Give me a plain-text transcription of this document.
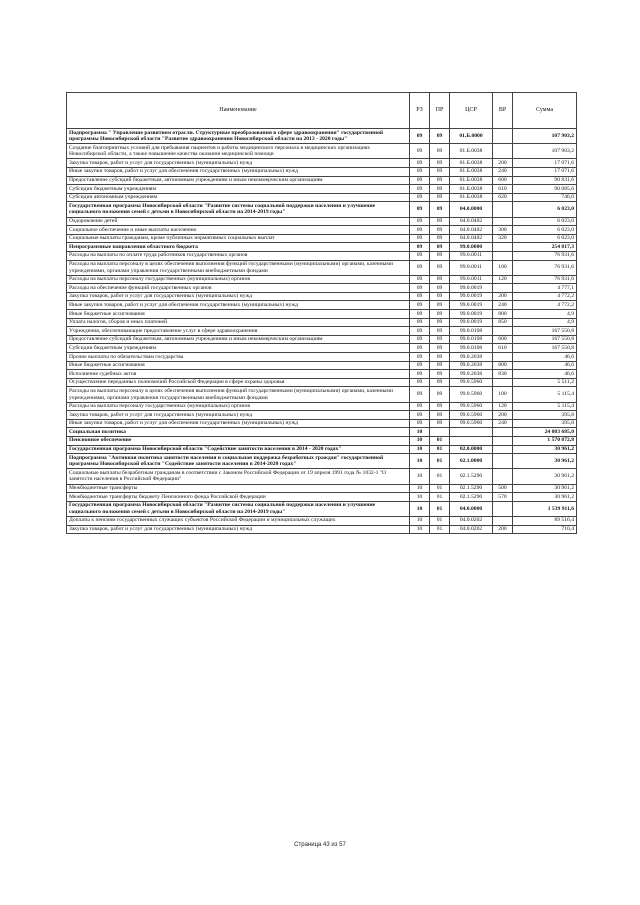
Наименование	РЗ	ПР	ЦСР	ВР	Сумма
Подпрограмма " Управление развитием отрасли. Структурные преобразования в сфере здравоохранения" государственной программы Новосибирской области "Развитие здравоохранения Новосибирской области на 2013 - 2020 годы"	09	09	01.Б.0000		107 903,2
Создание благоприятных условий для пребывания пациентов и работы медицинского персонала в медицинских организациях Новосибирской области, а также повышение качества оказания медицинской помощи	09	09	01.Б.0038		107 903,2
Закупка товаров, работ и услуг для государственных (муниципальных) нужд	09	09	01.Б.0038	200	17 071,6
Иные закупки товаров, работ и услуг для обеспечения государственных (муниципальных) нужд	09	09	01.Б.0038	240	17 071,6
Предоставление субсидий бюджетным, автономным учреждениям и иным некоммерческим организациям	09	09	01.Б.0038	600	90 831,6
Субсидии бюджетным учреждениям	09	09	01.Б.0038	610	90 085,6
Субсидии автономным учреждениям	09	09	01.Б.0038	620	746,0
Государственная программа Новосибирской области "Развитие системы социальной поддержки населения и улучшение социального положения семей с детьми в Новосибирской области на 2014-2019 годы"	09	09	04.0.0000		6 023,0
Оздоровление детей	09	09	04.0.0402		6 023,0
Социальное обеспечение и иные выплаты населению	09	09	04.0.0402	300	6 023,0
Социальные выплаты гражданам, кроме публичных нормативных социальных выплат	09	09	04.0.0402	320	6 023,0
Непрограммные направления областного бюджета	09	09	99.0.0000		254 817,3
Расходы на выплаты по оплате труда работников государственных органов	09	09	99.0.0011		76 931,6
Расходы на выплаты персоналу в целях обеспечения выполнения функций государственными (муниципальными) органами, казенными учреждениями, органами управления государственными внебюджетными фондами	09	09	99.0.0011	100	76 931,6
Расходы на выплаты персоналу государственных (муниципальных) органов	09	09	99.0.0011	120	76 931,6
Расходы на обеспечение функций государственных органов	09	09	99.0.0019		4 777,1
Закупка товаров, работ и услуг для государственных (муниципальных) нужд	09	09	99.0.0019	200	4 772,2
Иные закупки товаров, работ и услуг для обеспечения государственных (муниципальных) нужд	09	09	99.0.0019	240	4 772,2
Иные бюджетные ассигнования	09	09	99.0.0019	800	4,9
Уплата налогов, сборов и иных платежей	09	09	99.0.0019	850	4,9
Учреждения, обеспечивающие предоставление услуг в сфере здравоохранения	09	09	99.0.0108		167 550,8
Предоставление субсидий бюджетным, автономным учреждениям и иным некоммерческим организациям	09	09	99.0.0108	600	167 550,8
Субсидии бюджетным учреждениям	09	09	99.0.0108	610	167 550,8
Прочие выплаты по обязательствам государства	09	09	99.0.2038		46,6
Иные бюджетные ассигнования	09	09	99.0.2038	800	46,6
Исполнение судебных актов	09	09	99.0.2038	830	46,6
Осуществление переданных полномочий Российской Федерации в сфере охраны здоровья	09	09	99.0.5960		5 511,2
Расходы на выплаты персоналу в целях обеспечения выполнения функций государственными (муниципальными) органами, казенными учреждениями, органами управления государственными внебюджетными фондами	09	09	99.0.5960	100	5 115,4
Расходы на выплаты персоналу государственных (муниципальных) органов	09	09	99.0.5960	120	5 115,4
Закупка товаров, работ и услуг для государственных (муниципальных) нужд	09	09	99.0.5960	200	395,8
Иные закупки товаров, работ и услуг для обеспечения государственных (муниципальных) нужд	09	09	99.0.5960	240	395,8
Социальная политика	10				24 083 685,0
Пенсионное обеспечение	10	01			1 570 872,8
Государственная программа Новосибирской области "Содействие занятости населения в 2014 - 2020 годах"	10	01	02.0.0000		30 961,2
Подпрограмма "Активная политика занятости населения и социальная поддержка безработных граждан" государственной программы Новосибирской области "Содействие занятости населения в 2014-2020 годах"	10	01	02.1.0000		30 961,2
Социальные выплаты безработным гражданам в соответствии с Законом Российской Федерации от 19 апреля 1991 года № 1032-1 "О занятости населения в Российской Федерации"	10	01	02.1.5290		30 961,2
Межбюджетные трансферты	10	01	02.1.5290	500	30 961,2
Межбюджетные трансферты бюджету Пенсионного фонда Российской Федерации	10	01	02.1.5290	570	30 961,2
Государственная программа Новосибирской области "Развитие системы социальной поддержки населения и улучшение социального положения семей с детьми в Новосибирской области на 2014-2019 годы"	10	01	04.0.0000		1 539 911,6
Доплаты к пенсиям государственных служащих субъектов Российской Федерации и муниципальных служащих	10	01	04.0.0202		89 516,4
Закупка товаров, работ и услуг для государственных (муниципальных) нужд	10	01	04.0.0202	200	710,4
Страница 43 из 57
